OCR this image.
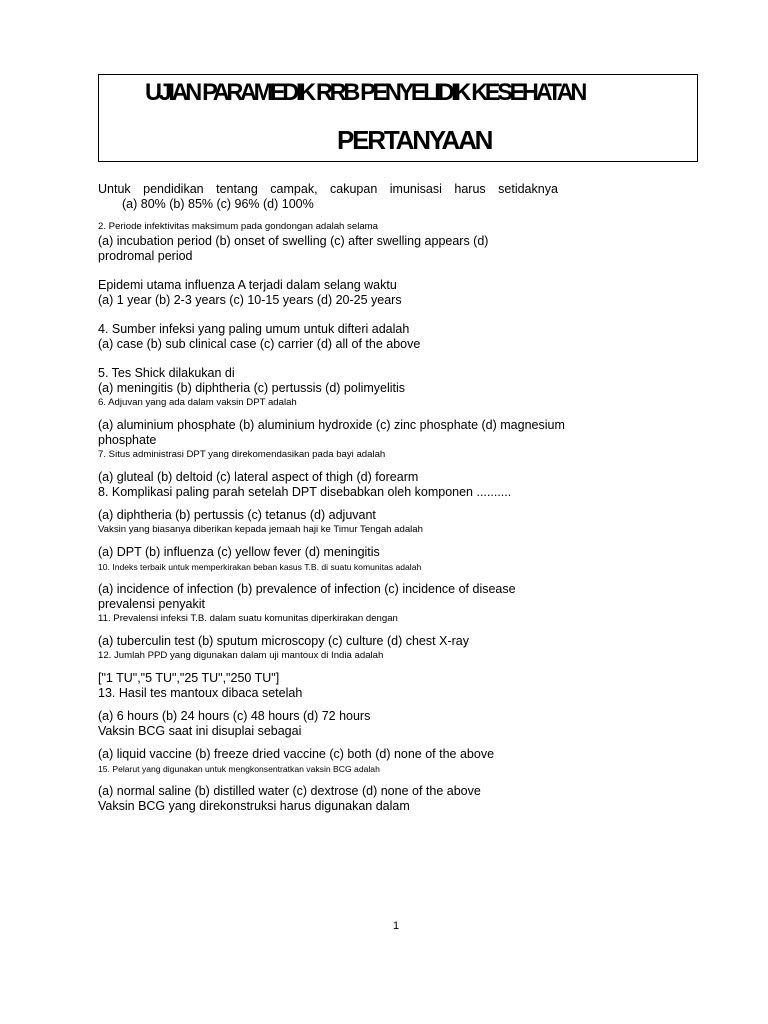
UJIAN PARAMEDIK RRB PENYELIDIK KESEHATAN
PERTANYAAN
Untuk pendidikan tentang campak, cakupan imunisasi harus setidaknya
(a) 80% (b) 85% (c) 96% (d) 100%
2. Periode infektivitas maksimum pada gondongan adalah selama
(a) incubation period (b) onset of swelling (c) after swelling appears (d)
prodromal period
Epidemi utama influenza A terjadi dalam selang waktu
(a) 1 year (b) 2-3 years (c) 10-15 years (d) 20-25 years
4. Sumber infeksi yang paling umum untuk difteri adalah
(a) case (b) sub clinical case (c) carrier (d) all of the above
5. Tes Shick dilakukan di
(a) meningitis (b) diphtheria (c) pertussis (d) polimyelitis
6. Adjuvan yang ada dalam vaksin DPT adalah
(a) aluminium phosphate (b) aluminium hydroxide (c) zinc phosphate (d) magnesium
phosphate
7. Situs administrasi DPT yang direkomendasikan pada bayi adalah
(a) gluteal (b) deltoid (c) lateral aspect of thigh (d) forearm
8. Komplikasi paling parah setelah DPT disebabkan oleh komponen ..........
(a) diphtheria (b) pertussis (c) tetanus (d) adjuvant
Vaksin yang biasanya diberikan kepada jemaah haji ke Timur Tengah adalah
(a) DPT (b) influenza (c) yellow fever (d) meningitis
10. Indeks terbaik untuk memperkirakan beban kasus T.B. di suatu komunitas adalah
(a) incidence of infection (b) prevalence of infection (c) incidence of disease
prevalensi penyakit
11. Prevalensi infeksi T.B. dalam suatu komunitas diperkirakan dengan
(a) tuberculin test (b) sputum microscopy (c) culture (d) chest X-ray
12. Jumlah PPD yang digunakan dalam uji mantoux di India adalah
["1 TU","5 TU","25 TU","250 TU"]
13. Hasil tes mantoux dibaca setelah
(a) 6 hours (b) 24 hours (c) 48 hours (d) 72 hours
Vaksin BCG saat ini disuplai sebagai
(a) liquid vaccine (b) freeze dried vaccine (c) both (d) none of the above
15. Pelarut yang digunakan untuk mengkonsentratkan vaksin BCG adalah
(a) normal saline (b) distilled water (c) dextrose (d) none of the above
Vaksin BCG yang direkonstruksi harus digunakan dalam
1
